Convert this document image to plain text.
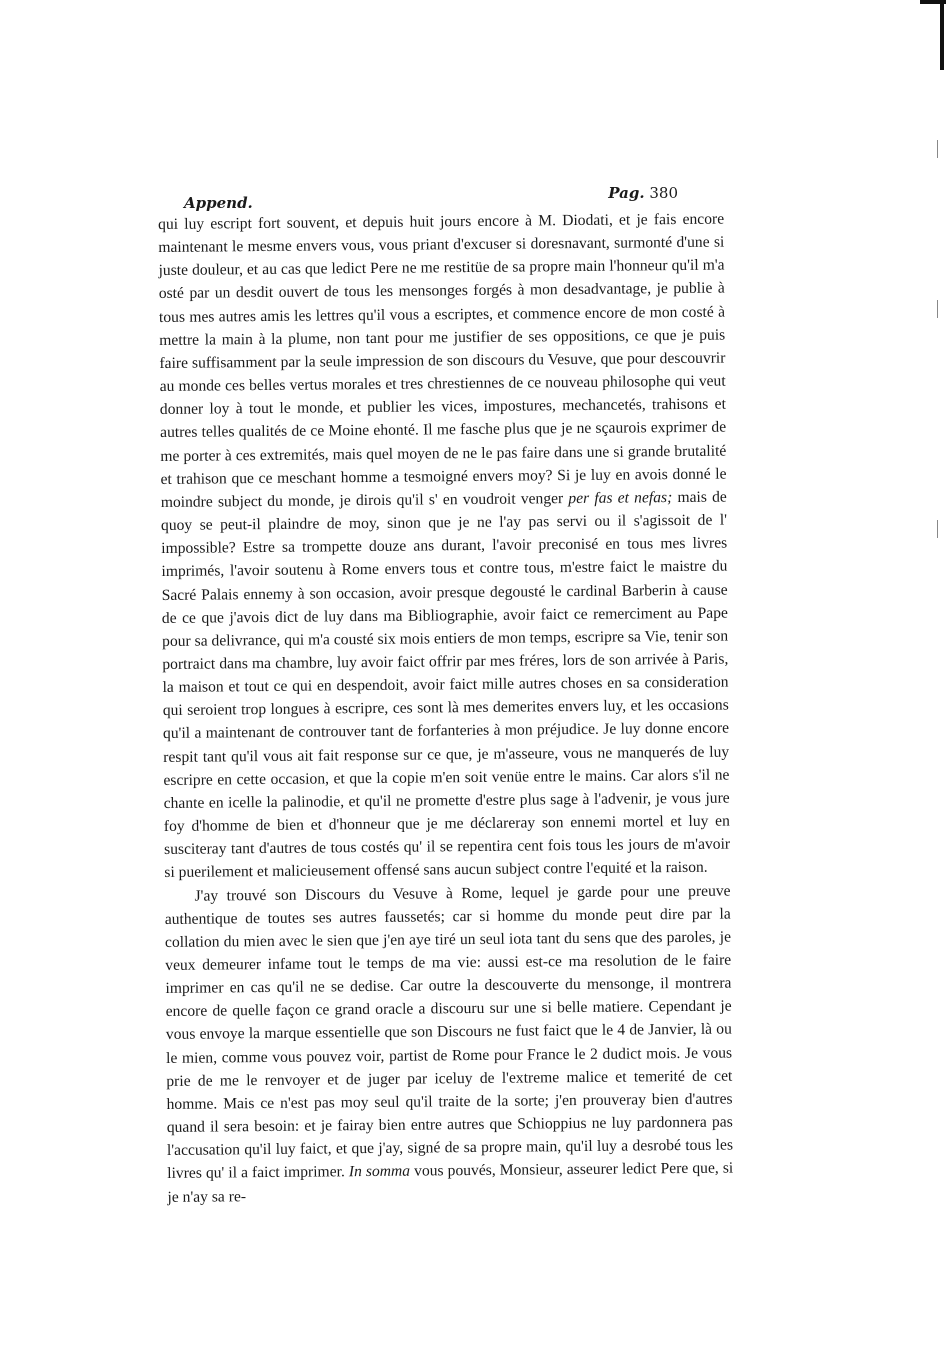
Append.
Pag. 380

qui luy escript fort souvent, et depuis huit jours encore à M. Diodati, et je fais encore maintenant le mesme envers vous, vous priant d'excuser si doresnavant, surmonté d'une si juste douleur, et au cas que ledict Pere ne me restitüe de sa propre main l'honneur qu'il m'a osté par un desdit ouvert de tous les mensonges forgés à mon desadvantage, je publie à tous mes autres amis les lettres qu'il vous a escriptes, et commence encore de mon costé à mettre la main à la plume, non tant pour me justifier de ses oppositions, ce que je puis faire suffisamment par la seule impression de son discours du Vesuve, que pour descouvrir au monde ces belles vertus morales et tres chrestiennes de ce nouveau philosophe qui veut donner loy à tout le monde, et publier les vices, impostures, mechancetés, trahisons et autres telles qualités de ce Moine ehonté. Il me fasche plus que je ne sçaurois exprimer de me porter à ces extremités, mais quel moyen de ne le pas faire dans une si grande brutalité et trahison que ce meschant homme a tesmoigné envers moy? Si je luy en avois donné le moindre subject du monde, je dirois qu'il s' en voudroit venger per fas et nefas; mais de quoy se peut-il plaindre de moy, sinon que je ne l'ay pas servi ou il s'agissoit de l' impossible? Estre sa trompette douze ans durant, l'avoir preconisé en tous mes livres imprimés, l'avoir soutenu à Rome envers tous et contre tous, m'estre faict le maistre du Sacré Palais ennemy à son occasion, avoir presque degousté le cardinal Barberin à cause de ce que j'avois dict de luy dans ma Bibliographie, avoir faict ce remerciment au Pape pour sa delivrance, qui m'a cousté six mois entiers de mon temps, escripre sa Vie, tenir son portraict dans ma chambre, luy avoir faict offrir par mes fréres, lors de son arrivée à Paris, la maison et tout ce qui en despendoit, avoir faict mille autres choses en sa consideration qui seroient trop longues à escripre, ces sont là mes demerites envers luy, et les occasions qu'il a maintenant de controuver tant de forfanteries à mon préjudice. Je luy donne encore respit tant qu'il vous ait fait response sur ce que, je m'asseure, vous ne manquerés de luy escripre en cette occasion, et que la copie m'en soit venüe entre le mains. Car alors s'il ne chante en icelle la palinodie, et qu'il ne promette d'estre plus sage à l'advenir, je vous jure foy d'homme de bien et d'honneur que je me déclareray son ennemi mortel et luy en susciteray tant d'autres de tous costés qu' il se repentira cent fois tous les jours de m'avoir si puerilement et malicieusement offensé sans aucun subject contre l'equité et la raison.

J'ay trouvé son Discours du Vesuve à Rome, lequel je garde pour une preuve authentique de toutes ses autres faussetés; car si homme du monde peut dire par la collation du mien avec le sien que j'en aye tiré un seul iota tant du sens que des paroles, je veux demeurer infame tout le temps de ma vie: aussi est-ce ma resolution de le faire imprimer en cas qu'il ne se dedise. Car outre la descouverte du mensonge, il montrera encore de quelle façon ce grand oracle a discouru sur une si belle matiere. Cependant je vous envoye la marque essentielle que son Discours ne fust faict que le 4 de Janvier, là ou le mien, comme vous pouvez voir, partist de Rome pour France le 2 dudict mois. Je vous prie de me le renvoyer et de juger par iceluy de l'extreme malice et temerité de cet homme. Mais ce n'est pas moy seul qu'il traite de la sorte; j'en prouveray bien d'autres quand il sera besoin: et je fairay bien entre autres que Schioppius ne luy pardonnera pas l'accusation qu'il luy faict, et que j'ay, signé de sa propre main, qu'il luy a desrobé tous les livres qu' il a faict imprimer. In somma vous pouvés, Monsieur, asseurer ledict Pere que, si je n'ay sa re-
